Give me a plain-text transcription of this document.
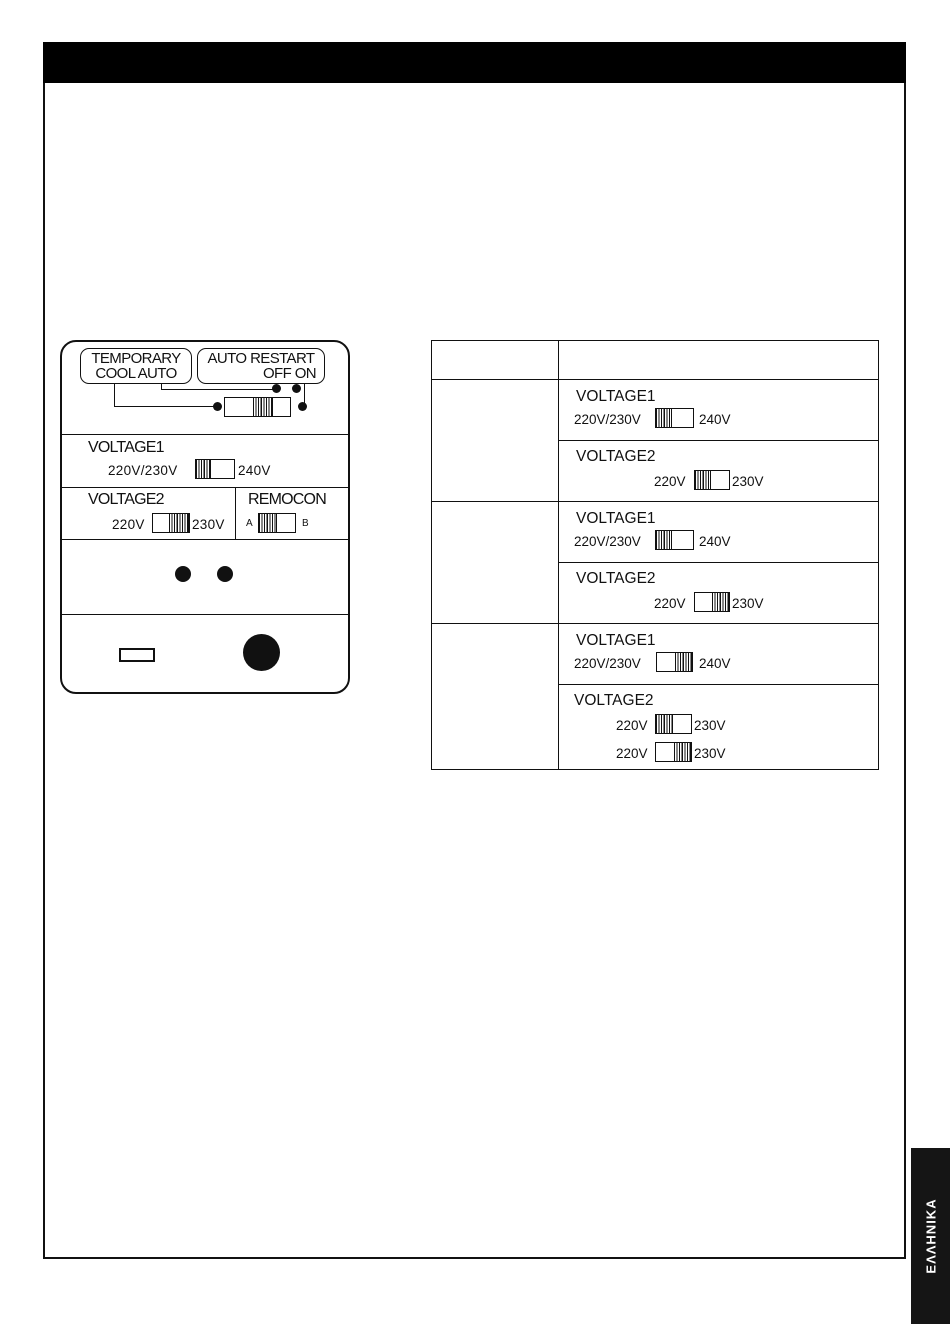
ΕΛΛΗΝΙΚΑ
TEMPORARY
COOL AUTO
AUTO RESTART
OFF ON
VOLTAGE1
220V/230V	240V
VOLTAGE2
220V	230V
REMOCON
A	B
VOLTAGE1
220V/230V	240V
VOLTAGE2
220V	230V
VOLTAGE1
220V/230V	240V
VOLTAGE2
220V	230V
VOLTAGE1
220V/230V	240V
VOLTAGE2
220V	230V
220V	230V
